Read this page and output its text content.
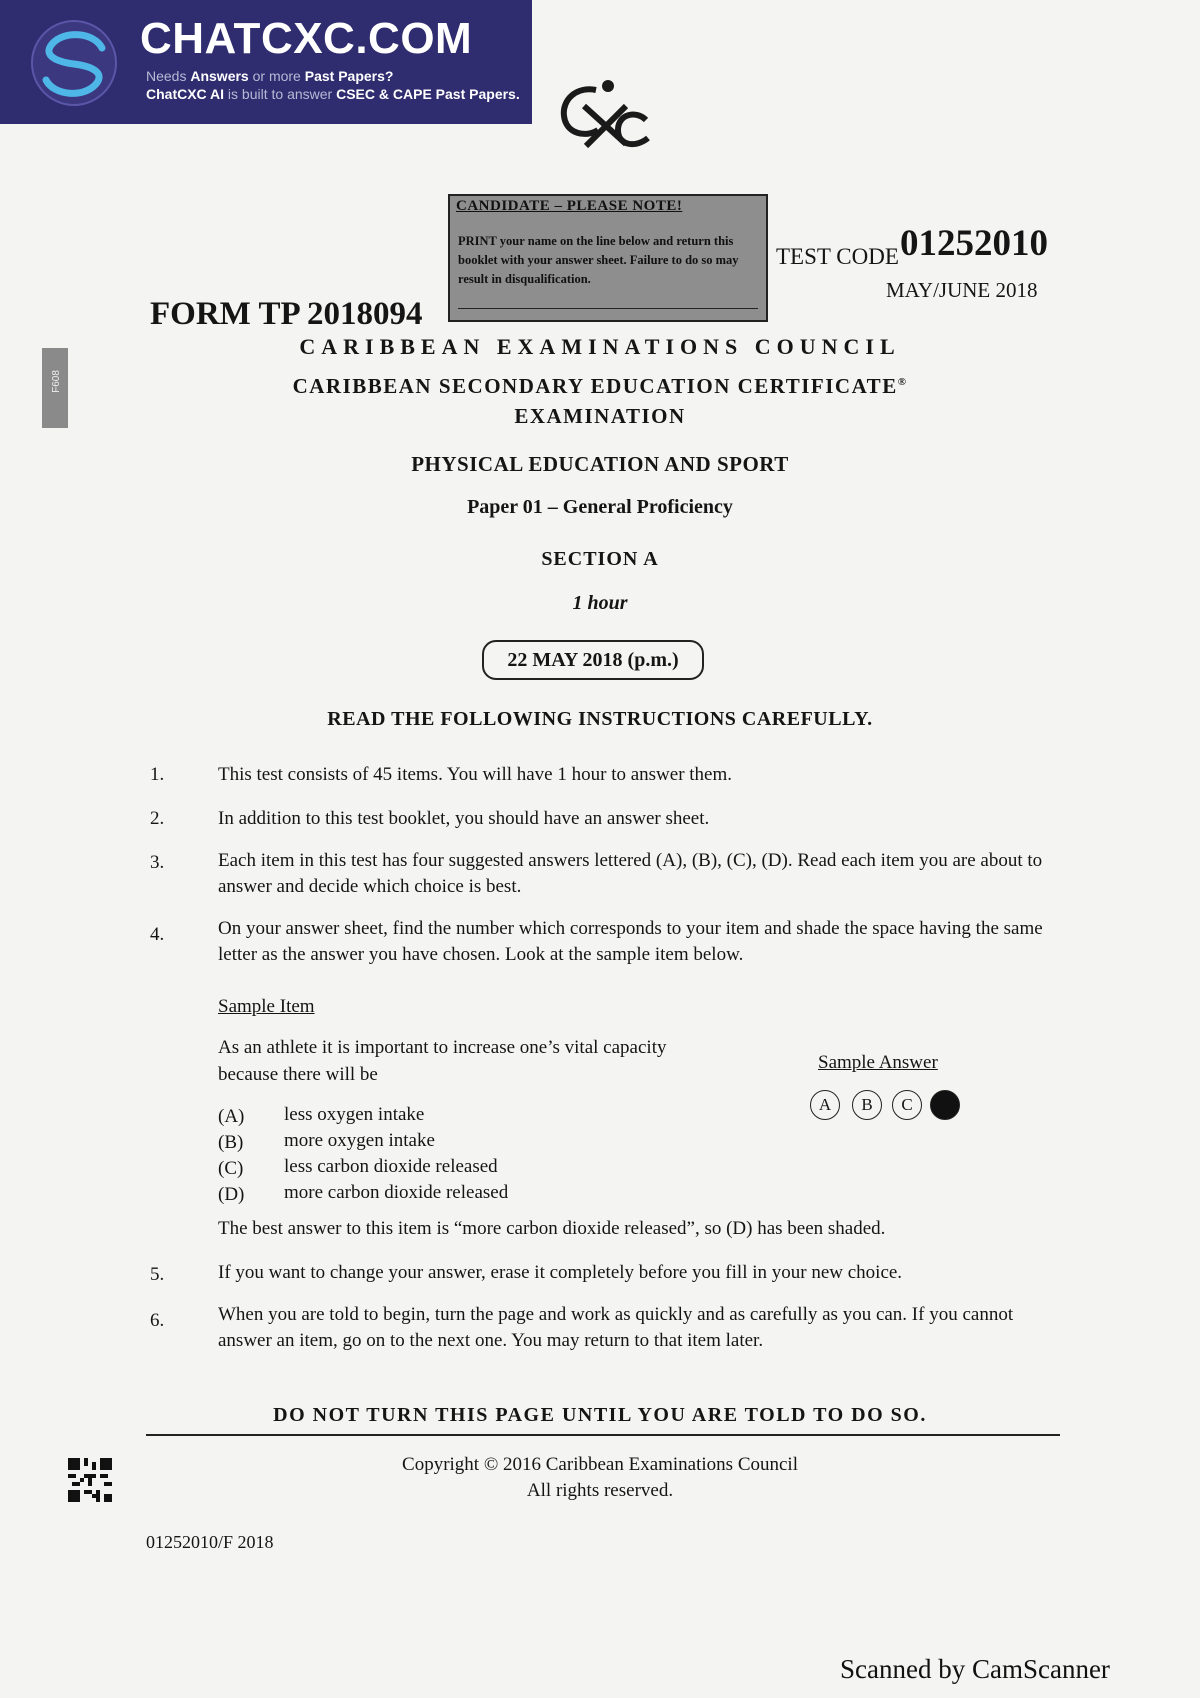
CHATCXC.COM
Needs Answers or more Past Papers?
ChatCXC AI is built to answer CSEC & CAPE Past Papers.
CANDIDATE – PLEASE NOTE!
PRINT your name on the line below and return this booklet with your answer sheet. Failure to do so may result in disqualification.
FORM TP 2018094
TEST CODE 01252010
MAY/JUNE 2018
F608
CARIBBEAN EXAMINATIONS COUNCIL
CARIBBEAN SECONDARY EDUCATION CERTIFICATE®
EXAMINATION
PHYSICAL EDUCATION AND SPORT
Paper 01 – General Proficiency
SECTION A
1 hour
22 MAY 2018 (p.m.)
READ THE FOLLOWING INSTRUCTIONS CAREFULLY.
1.	This test consists of 45 items. You will have 1 hour to answer them.
2.	In addition to this test booklet, you should have an answer sheet.
3.	Each item in this test has four suggested answers lettered (A), (B), (C), (D). Read each item you are about to answer and decide which choice is best.
4.	On your answer sheet, find the number which corresponds to your item and shade the space having the same letter as the answer you have chosen. Look at the sample item below.
Sample Item
As an athlete it is important to increase one’s vital capacity because there will be
(A) less oxygen intake
(B) more oxygen intake
(C) less carbon dioxide released
(D) more carbon dioxide released
Sample Answer
A	B	C	D
The best answer to this item is “more carbon dioxide released”, so (D) has been shaded.
5.	If you want to change your answer, erase it completely before you fill in your new choice.
6.	When you are told to begin, turn the page and work as quickly and as carefully as you can. If you cannot answer an item, go on to the next one. You may return to that item later.
DO NOT TURN THIS PAGE UNTIL YOU ARE TOLD TO DO SO.
Copyright © 2016 Caribbean Examinations Council
All rights reserved.
01252010/F 2018
Scanned by CamScanner
